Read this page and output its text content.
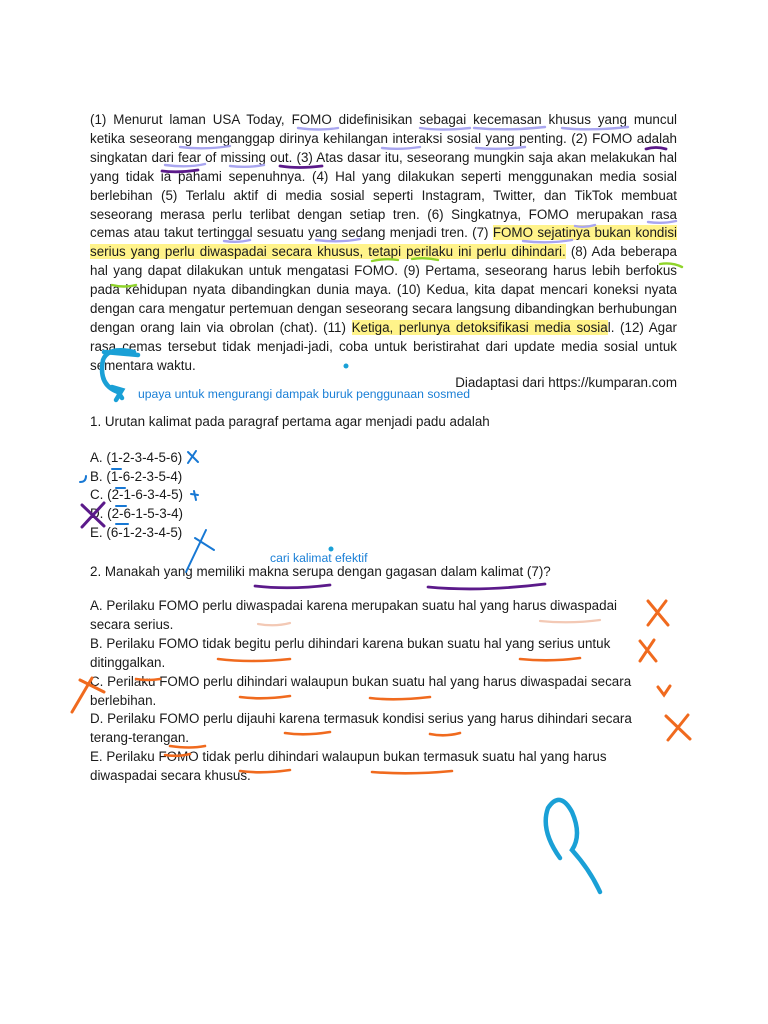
(1) Menurut laman USA Today, FOMO didefinisikan sebagai kecemasan khusus yang muncul ketika seseorang menganggap dirinya kehilangan interaksi sosial yang penting. (2) FOMO adalah singkatan dari fear of missing out. (3) Atas dasar itu, seseorang mungkin saja akan melakukan hal yang tidak ia pahami sepenuhnya. (4) Hal yang dilakukan seperti menggunakan media sosial berlebihan (5) Terlalu aktif di media sosial seperti Instagram, Twitter, dan TikTok membuat seseorang merasa perlu terlibat dengan setiap tren. (6) Singkatnya, FOMO merupakan rasa cemas atau takut tertinggal sesuatu yang sedang menjadi tren. (7) FOMO sejatinya bukan kondisi serius yang perlu diwaspadai secara khusus, tetapi perilaku ini perlu dihindari. (8) Ada beberapa hal yang dapat dilakukan untuk mengatasi FOMO. (9) Pertama, seseorang harus lebih berfokus pada kehidupan nyata dibandingkan dunia maya. (10) Kedua, kita dapat mencari koneksi nyata dengan cara mengatur pertemuan dengan seseorang secara langsung dibandingkan berhubungan dengan orang lain via obrolan (chat). (11) Ketiga, perlunya detoksifikasi media sosial. (12) Agar rasa cemas tersebut tidak menjadi-jadi, coba untuk beristirahat dari update media sosial untuk sementara waktu.

Diadaptasi dari https://kumparan.com

upaya untuk mengurangi dampak buruk penggunaan sosmed

1. Urutan kalimat pada paragraf pertama agar menjadi padu adalah

A. (1-2-3-4-5-6)
B. (1-6-2-3-5-4)
C. (2-1-6-3-4-5)
D. (2-6-1-5-3-4)
E. (6-1-2-3-4-5)

cari kalimat efektif

2. Manakah yang memiliki makna serupa dengan gagasan dalam kalimat (7)?

A. Perilaku FOMO perlu diwaspadai karena merupakan suatu hal yang harus diwaspadai secara serius.
B. Perilaku FOMO tidak begitu perlu dihindari karena bukan suatu hal yang serius untuk ditinggalkan.
C. Perilaku FOMO perlu dihindari walaupun bukan suatu hal yang harus diwaspadai secara berlebihan.
D. Perilaku FOMO perlu dijauhi karena termasuk kondisi serius yang harus dihindari secara terang-terangan.
E. Perilaku FOMO tidak perlu dihindari walaupun bukan termasuk suatu hal yang harus diwaspadai secara khusus.
